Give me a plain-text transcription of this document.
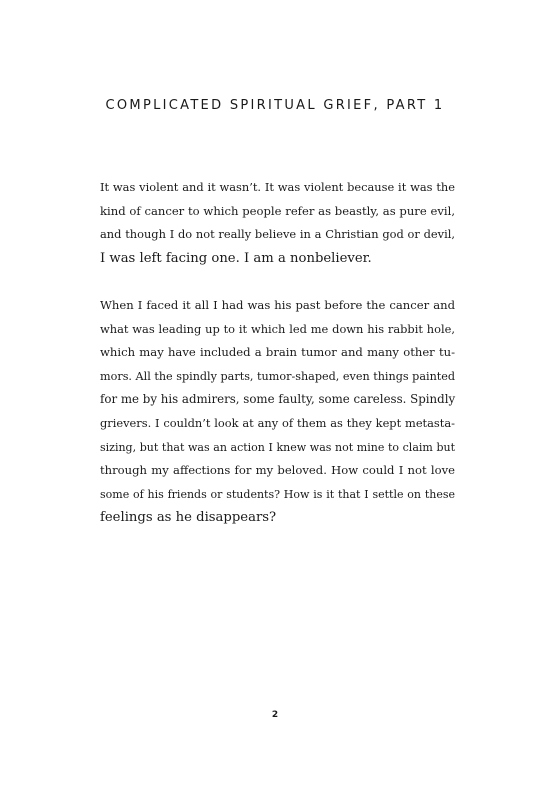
COMPLICATED SPIRITUAL GRIEF, PART 1
It was violent and it wasn’t. It was violent because it was the
kind of cancer to which people refer as beastly, as pure evil,
and though I do not really believe in a Christian god or devil,
I was left facing one. I am a nonbeliever.
When I faced it all I had was his past before the cancer and
what was leading up to it which led me down his rabbit hole,
which may have included a brain tumor and many other tu-
mors. All the spindly parts, tumor-shaped, even things painted
for me by his admirers, some faulty, some careless. Spindly
grievers. I couldn’t look at any of them as they kept metasta-
sizing, but that was an action I knew was not mine to claim but
through my affections for my beloved. How could I not love
some of his friends or students? How is it that I settle on these
feelings as he disappears?
2
